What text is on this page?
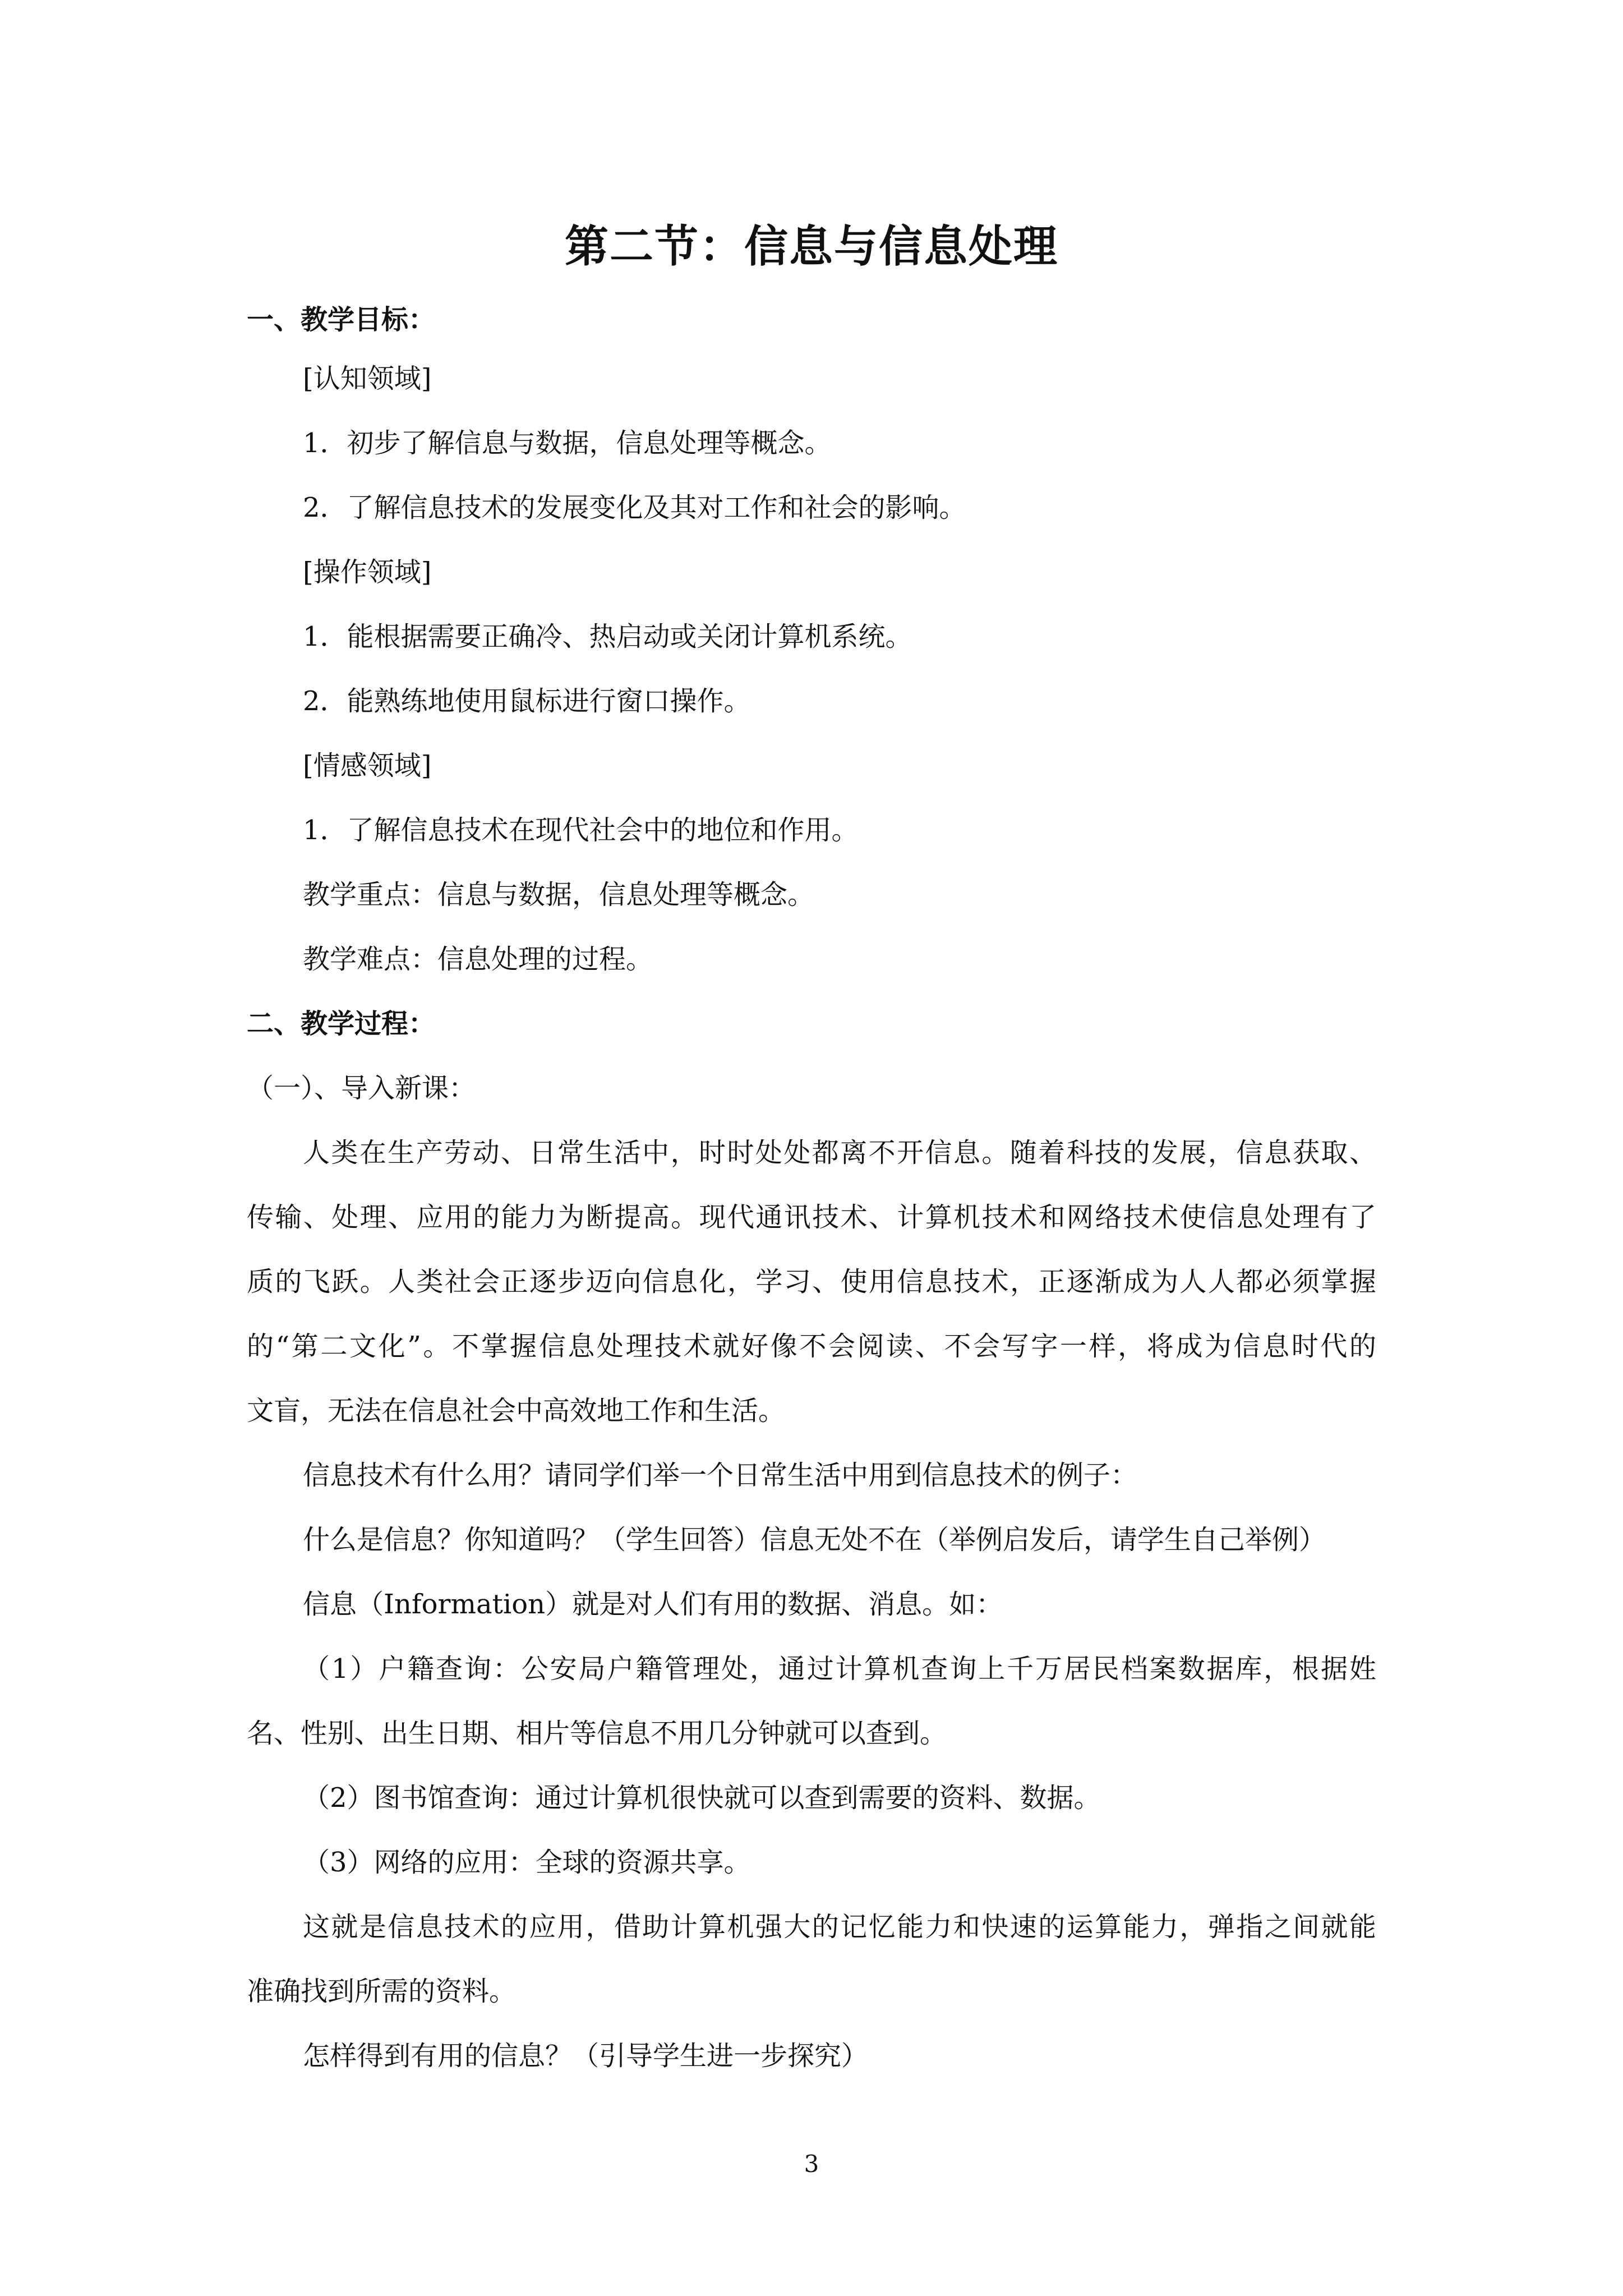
第二节：信息与信息处理

一、教学目标：

[认知领域]

1．初步了解信息与数据，信息处理等概念。

2．了解信息技术的发展变化及其对工作和社会的影响。

[操作领域]

1．能根据需要正确冷、热启动或关闭计算机系统。

2．能熟练地使用鼠标进行窗口操作。

[情感领域]

1．了解信息技术在现代社会中的地位和作用。

教学重点：信息与数据，信息处理等概念。

教学难点：信息处理的过程。

二、教学过程：

（一）、导入新课：

人类在生产劳动、日常生活中，时时处处都离不开信息。随着科技的发展，信息获取、

传输、处理、应用的能力为断提高。现代通讯技术、计算机技术和网络技术使信息处理有了

质的飞跃。人类社会正逐步迈向信息化，学习、使用信息技术，正逐渐成为人人都必须掌握

的“第二文化”。不掌握信息处理技术就好像不会阅读、不会写字一样，将成为信息时代的

文盲，无法在信息社会中高效地工作和生活。

信息技术有什么用？请同学们举一个日常生活中用到信息技术的例子：

什么是信息？你知道吗？（学生回答）信息无处不在（举例启发后，请学生自己举例）

信息（Information）就是对人们有用的数据、消息。如：

（1）户籍查询：公安局户籍管理处，通过计算机查询上千万居民档案数据库，根据姓

名、性别、出生日期、相片等信息不用几分钟就可以查到。

（2）图书馆查询：通过计算机很快就可以查到需要的资料、数据。

（3）网络的应用：全球的资源共享。

这就是信息技术的应用，借助计算机强大的记忆能力和快速的运算能力，弹指之间就能

准确找到所需的资料。

怎样得到有用的信息？（引导学生进一步探究）

3
